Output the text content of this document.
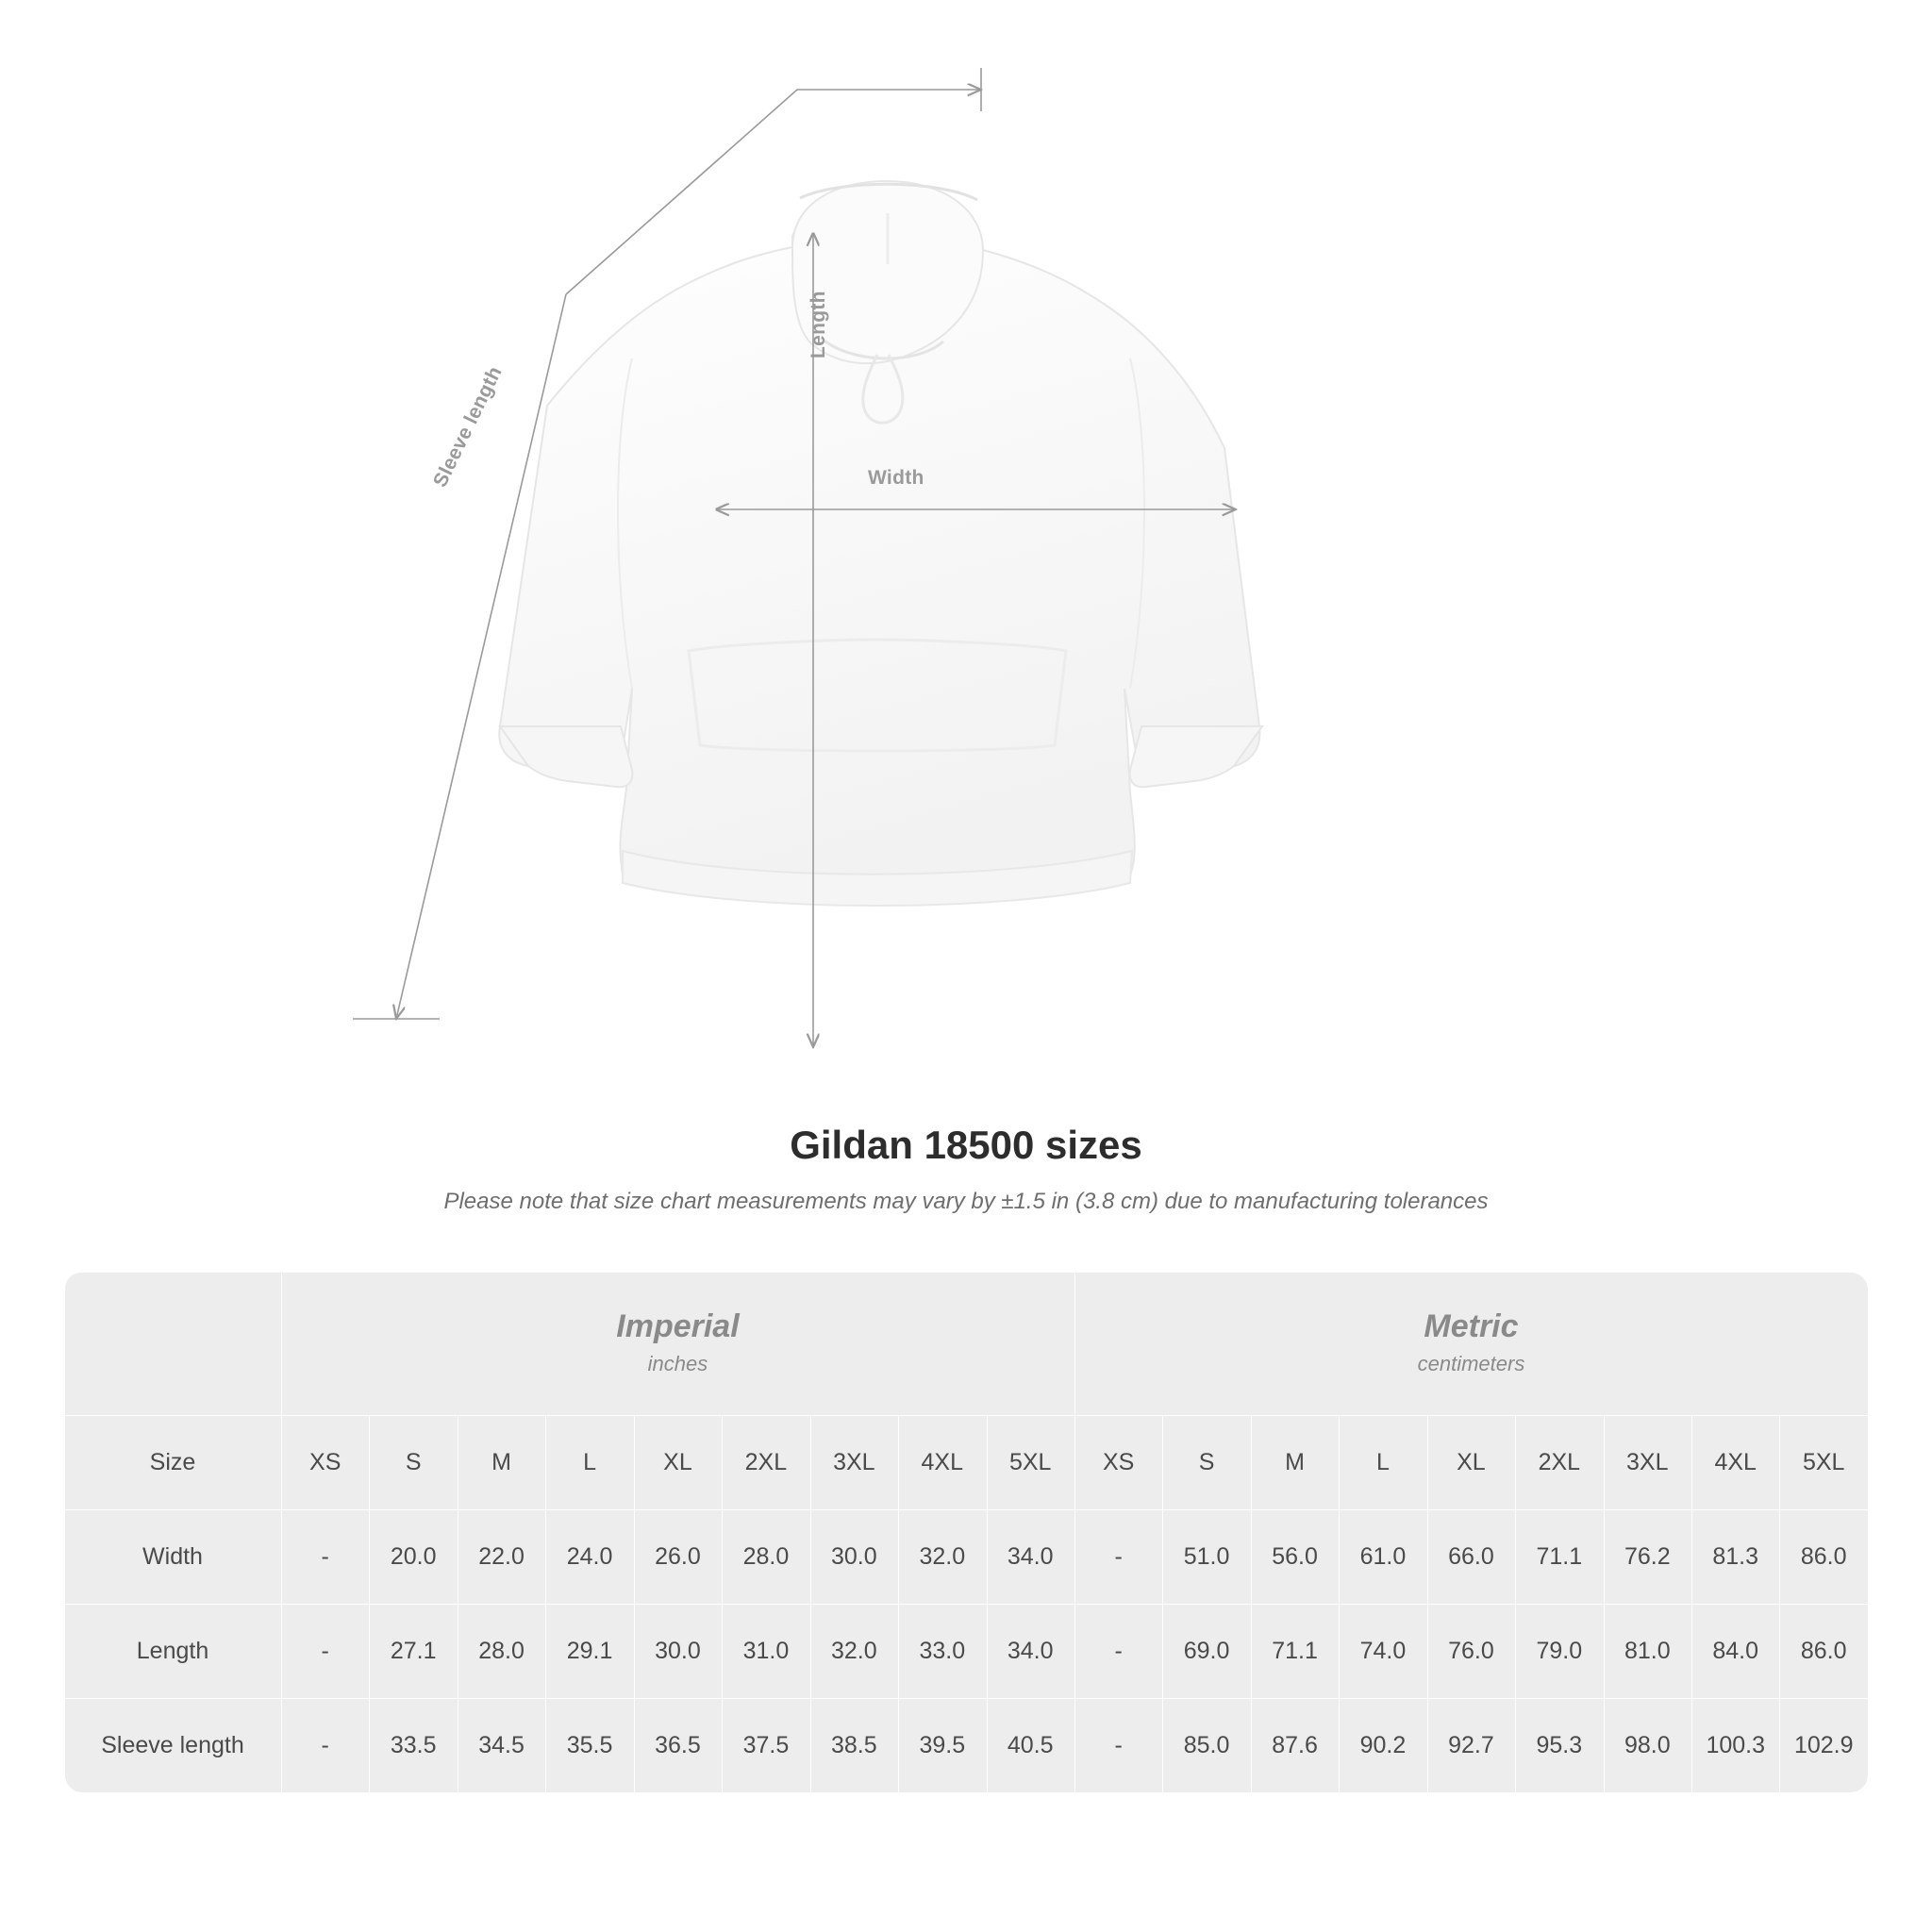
Width
Length
Sleeve length
Gildan 18500 sizes
Please note that size chart measurements may vary by ±1.5 in (3.8 cm) due to manufacturing tolerances

Imperial
inches

Metric
centimeters

Size	XS	S	M	L	XL	2XL	3XL	4XL	5XL	XS	S	M	L	XL	2XL	3XL	4XL	5XL
Width	-	20.0	22.0	24.0	26.0	28.0	30.0	32.0	34.0	-	51.0	56.0	61.0	66.0	71.1	76.2	81.3	86.0
Length	-	27.1	28.0	29.1	30.0	31.0	32.0	33.0	34.0	-	69.0	71.1	74.0	76.0	79.0	81.0	84.0	86.0
Sleeve length	-	33.5	34.5	35.5	36.5	37.5	38.5	39.5	40.5	-	85.0	87.6	90.2	92.7	95.3	98.0	100.3	102.9
